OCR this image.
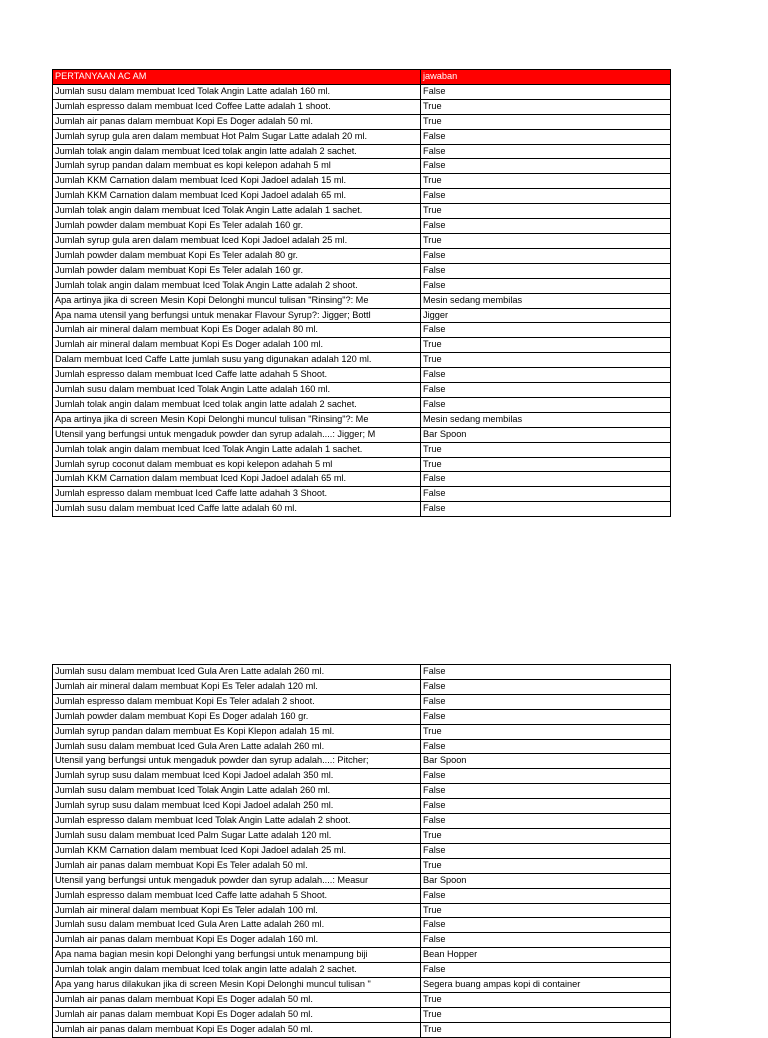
PERTANYAAN AC AM	jawaban
Jumlah susu dalam membuat Iced Tolak Angin Latte adalah 160 ml.	False
Jumlah espresso dalam membuat Iced Coffee Latte adalah 1 shoot.	True
Jumlah air panas dalam membuat Kopi Es Doger adalah 50 ml.	True
Jumlah syrup gula aren dalam membuat Hot Palm Sugar Latte adalah 20 ml.	False
Jumlah tolak angin dalam membuat Iced tolak angin latte adalah 2 sachet.	False
Jumlah syrup pandan dalam membuat es kopi kelepon adahah 5 ml	False
Jumlah KKM Carnation dalam membuat Iced Kopi Jadoel adalah 15 ml.	True
Jumlah KKM Carnation dalam membuat Iced Kopi Jadoel adalah 65 ml.	False
Jumlah tolak angin dalam membuat Iced Tolak Angin Latte adalah 1 sachet.	True
Jumlah powder dalam membuat Kopi Es Teler adalah 160 gr.	False
Jumlah syrup gula aren dalam membuat Iced Kopi Jadoel adalah 25 ml.	True
Jumlah powder dalam membuat Kopi Es Teler adalah 80 gr.	False
Jumlah powder dalam membuat Kopi Es Teler adalah 160 gr.	False
Jumlah tolak angin dalam membuat Iced Tolak Angin Latte adalah 2 shoot.	False
Apa artinya jika di screen Mesin Kopi Delonghi muncul tulisan "Rinsing"?: Me	Mesin sedang membilas
Apa nama utensil yang berfungsi untuk menakar Flavour Syrup?: Jigger; Bottl	Jigger
Jumlah air mineral dalam membuat Kopi Es Doger adalah 80 ml.	False
Jumlah air mineral dalam membuat Kopi Es Doger adalah 100 ml.	True
Dalam membuat Iced Caffe Latte jumlah susu yang digunakan adalah 120 ml.	True
Jumlah espresso dalam membuat Iced Caffe latte adahah 5 Shoot.	False
Jumlah susu dalam membuat Iced Tolak Angin Latte adalah 160 ml.	False
Jumlah tolak angin dalam membuat Iced tolak angin latte adalah 2 sachet.	False
Apa artinya jika di screen Mesin Kopi Delonghi muncul tulisan "Rinsing"?: Me	Mesin sedang membilas
Utensil yang berfungsi untuk mengaduk powder dan syrup adalah....: Jigger; M	Bar Spoon
Jumlah tolak angin dalam membuat Iced Tolak Angin Latte adalah 1 sachet.	True
Jumlah syrup coconut dalam membuat es kopi kelepon adahah 5 ml	True
Jumlah KKM Carnation dalam membuat Iced Kopi Jadoel adalah 65 ml.	False
Jumlah espresso dalam membuat Iced Caffe latte adahah 3 Shoot.	False
Jumlah susu dalam membuat Iced Caffe latte adalah 60 ml.	False
Jumlah susu dalam membuat Iced Gula Aren Latte adalah 260 ml.	False
Jumlah air mineral dalam membuat Kopi Es Teler adalah 120 ml.	False
Jumlah espresso dalam membuat Kopi Es Teler adalah 2 shoot.	False
Jumlah powder dalam membuat Kopi Es Doger adalah 160 gr.	False
Jumlah syrup pandan dalam membuat Es Kopi Klepon adalah 15 ml.	True
Jumlah susu dalam membuat Iced Gula Aren Latte adalah 260 ml.	False
Utensil yang berfungsi untuk mengaduk powder dan syrup adalah....: Pitcher;	Bar Spoon
Jumlah syrup susu dalam membuat Iced Kopi Jadoel adalah 350 ml.	False
Jumlah susu dalam membuat Iced Tolak Angin Latte adalah 260 ml.	False
Jumlah syrup susu dalam membuat Iced Kopi Jadoel adalah 250 ml.	False
Jumlah espresso dalam membuat Iced Tolak Angin Latte adalah 2 shoot.	False
Jumlah susu dalam membuat Iced Palm Sugar Latte adalah 120 ml.	True
Jumlah KKM Carnation dalam membuat Iced Kopi Jadoel adalah 25 ml.	False
Jumlah air panas dalam membuat Kopi Es Teler adalah 50 ml.	True
Utensil yang berfungsi untuk mengaduk powder dan syrup adalah....: Measur	Bar Spoon
Jumlah espresso dalam membuat Iced Caffe latte adahah 5 Shoot.	False
Jumlah air mineral dalam membuat Kopi Es Teler adalah 100 ml.	True
Jumlah susu dalam membuat Iced Gula Aren Latte adalah 260 ml.	False
Jumlah air panas dalam membuat Kopi Es Doger adalah 160 ml.	False
Apa nama bagian mesin kopi Delonghi yang berfungsi untuk menampung biji	Bean Hopper
Jumlah tolak angin dalam membuat Iced tolak angin latte adalah 2 sachet.	False
Apa yang harus dilakukan jika di screen Mesin Kopi Delonghi muncul tulisan "	Segera buang ampas kopi di container
Jumlah air panas dalam membuat Kopi Es Doger adalah 50 ml.	True
Jumlah air panas dalam membuat Kopi Es Doger adalah 50 ml.	True
Jumlah air panas dalam membuat Kopi Es Doger adalah 50 ml.	True
